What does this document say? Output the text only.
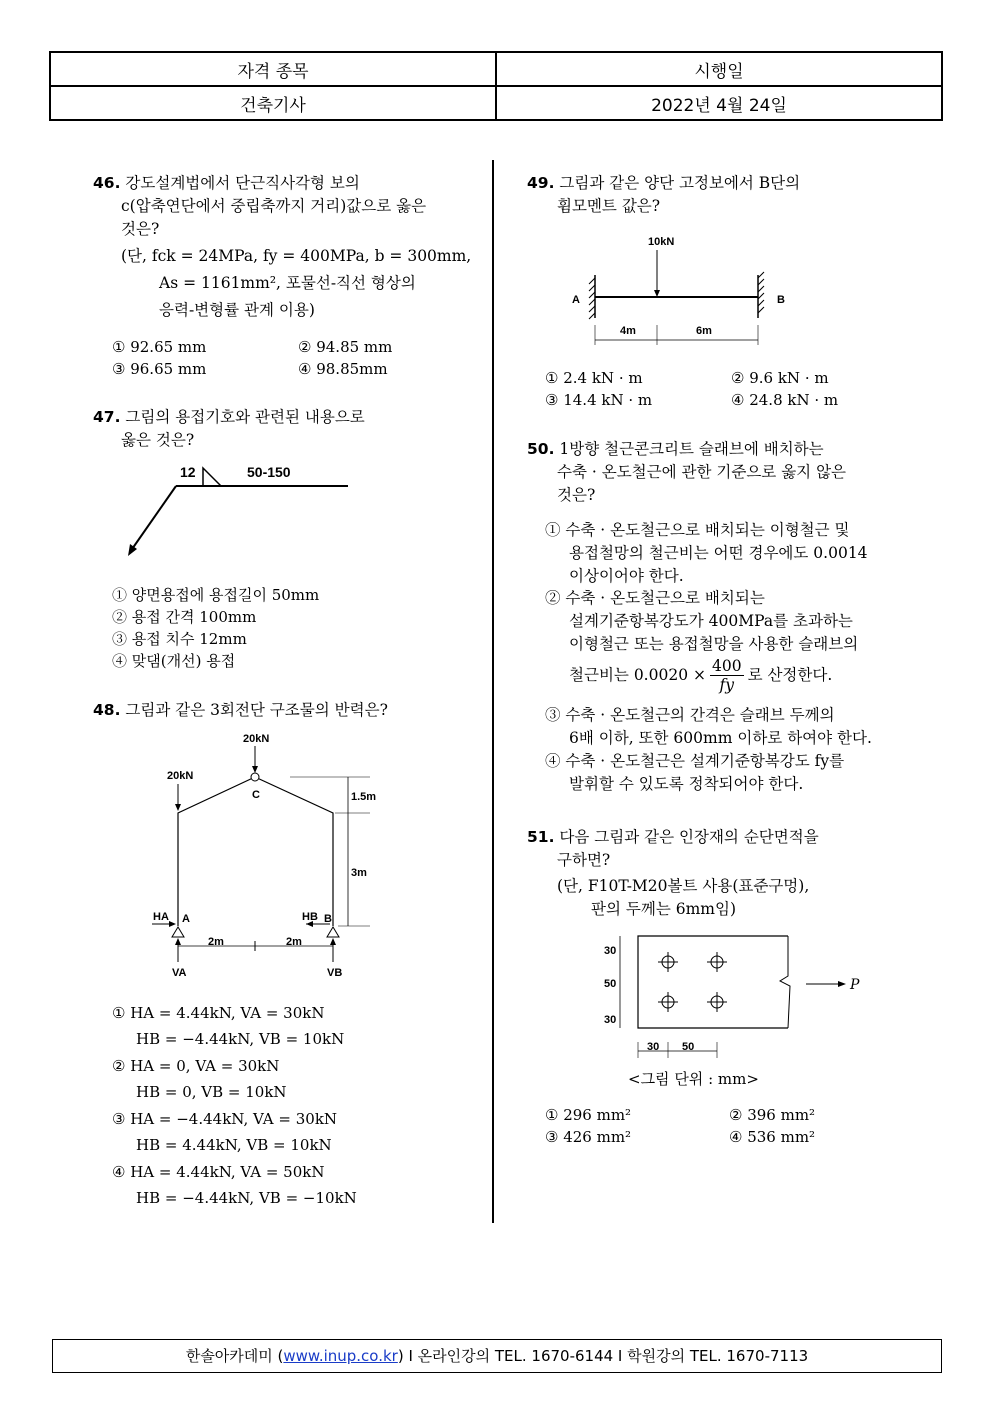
자격 종목	시행일
건축기사	2022년 4월 24일
46. 강도설계법에서 단근직사각형 보의
c(압축연단에서 중립축까지 거리)값으로 옳은
것은?
(단, fck = 24MPa, fy = 400MPa, b = 300mm,
As = 1161mm², 포물선-직선 형상의
응력-변형률 관계 이용)
① 92.65 mm	② 94.85 mm
③ 96.65 mm	④ 98.85mm
47. 그림의 용접기호와 관련된 내용으로
옳은 것은?
12	50-150
① 양면용접에 용접길이 50mm
② 용접 간격 100mm
③ 용접 치수 12mm
④ 맞댐(개선) 용접
48. 그림과 같은 3회전단 구조물의 반력은?
20kN
C
20kN
1.5m
3m
A	B
HA	HB
2m	2m
VA	VB
① HA = 4.44kN, VA = 30kN
HB = −4.44kN, VB = 10kN
② HA = 0, VA = 30kN
HB = 0, VB = 10kN
③ HA = −4.44kN, VA = 30kN
HB = 4.44kN, VB = 10kN
④ HA = 4.44kN, VA = 50kN
HB = −4.44kN, VB = −10kN
49. 그림과 같은 양단 고정보에서 B단의
휨모멘트 값은?
10kN
A	B
4m	6m
① 2.4 kN · m	② 9.6 kN · m
③ 14.4 kN · m	④ 24.8 kN · m
50. 1방향 철근콘크리트 슬래브에 배치하는
수축 · 온도철근에 관한 기준으로 옳지 않은
것은?
① 수축 · 온도철근으로 배치되는 이형철근 및
용접철망의 철근비는 어떤 경우에도 0.0014
이상이어야 한다.
② 수축 · 온도철근으로 배치되는
설계기준항복강도가 400MPa를 초과하는
이형철근 또는 용접철망을 사용한 슬래브의
철근비는 $0.0020 \times \frac{400}{fy}$ 로 산정한다.
③ 수축 · 온도철근의 간격은 슬래브 두께의
6배 이하, 또한 600mm 이하로 하여야 한다.
④ 수축 · 온도철근은 설계기준항복강도 fy를
발휘할 수 있도록 정착되어야 한다.
51. 다음 그림과 같은 인장재의 순단면적을
구하면?
(단, F10T-M20볼트 사용(표준구멍),
판의 두께는 6mm임)
30
50
30
30 50
P
<그림 단위 : mm>
① 296 mm²	② 396 mm²
③ 426 mm²	④ 536 mm²
한솔아카데미 (www.inup.co.kr) I 온라인강의 TEL. 1670-6144 I 학원강의 TEL. 1670-7113
